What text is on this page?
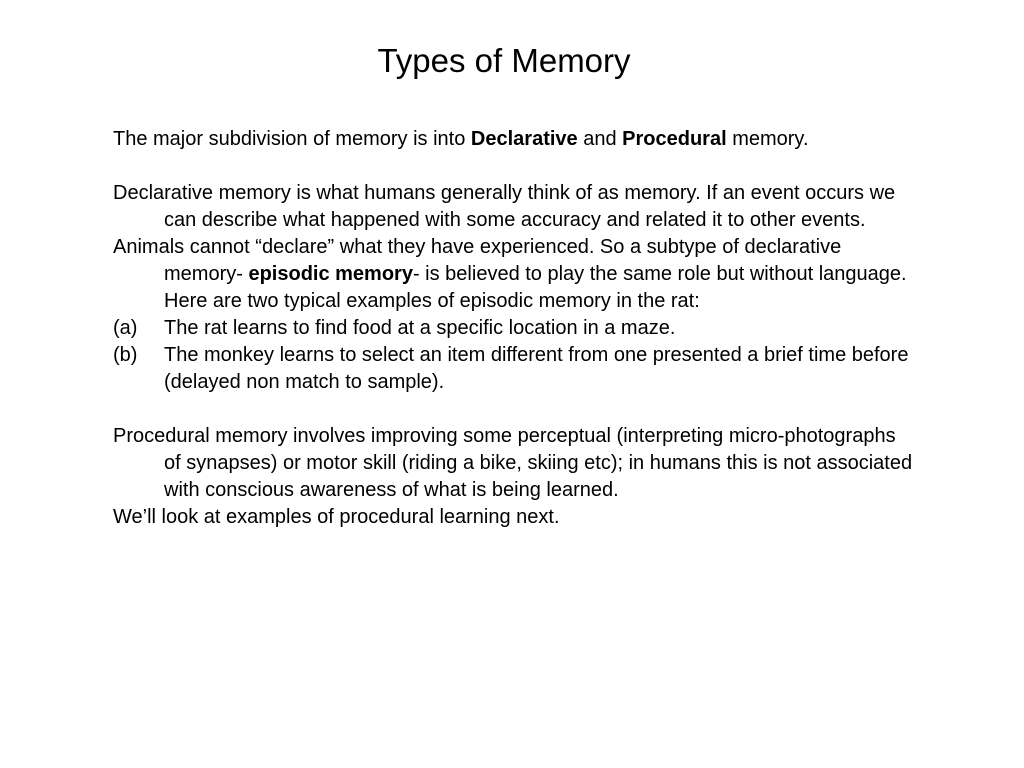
Types of Memory

The major subdivision of memory is into Declarative and Procedural memory.

Declarative memory is what humans generally think of as memory. If an event occurs we can describe what happened with some accuracy and related it to other events.

Animals cannot “declare” what they have experienced. So a subtype of declarative memory- episodic memory- is believed to play the same role but without language. Here are two typical examples of episodic memory in the rat:

(a) The rat learns to find food at a specific location in a maze.
(b) The monkey learns to select an item different from one presented a brief time before (delayed non match to sample).

Procedural memory involves improving some perceptual (interpreting micro-photographs of synapses) or motor skill (riding a bike, skiing etc); in humans this is not associated with conscious awareness of what is being learned.

We’ll look at examples of procedural learning next.
